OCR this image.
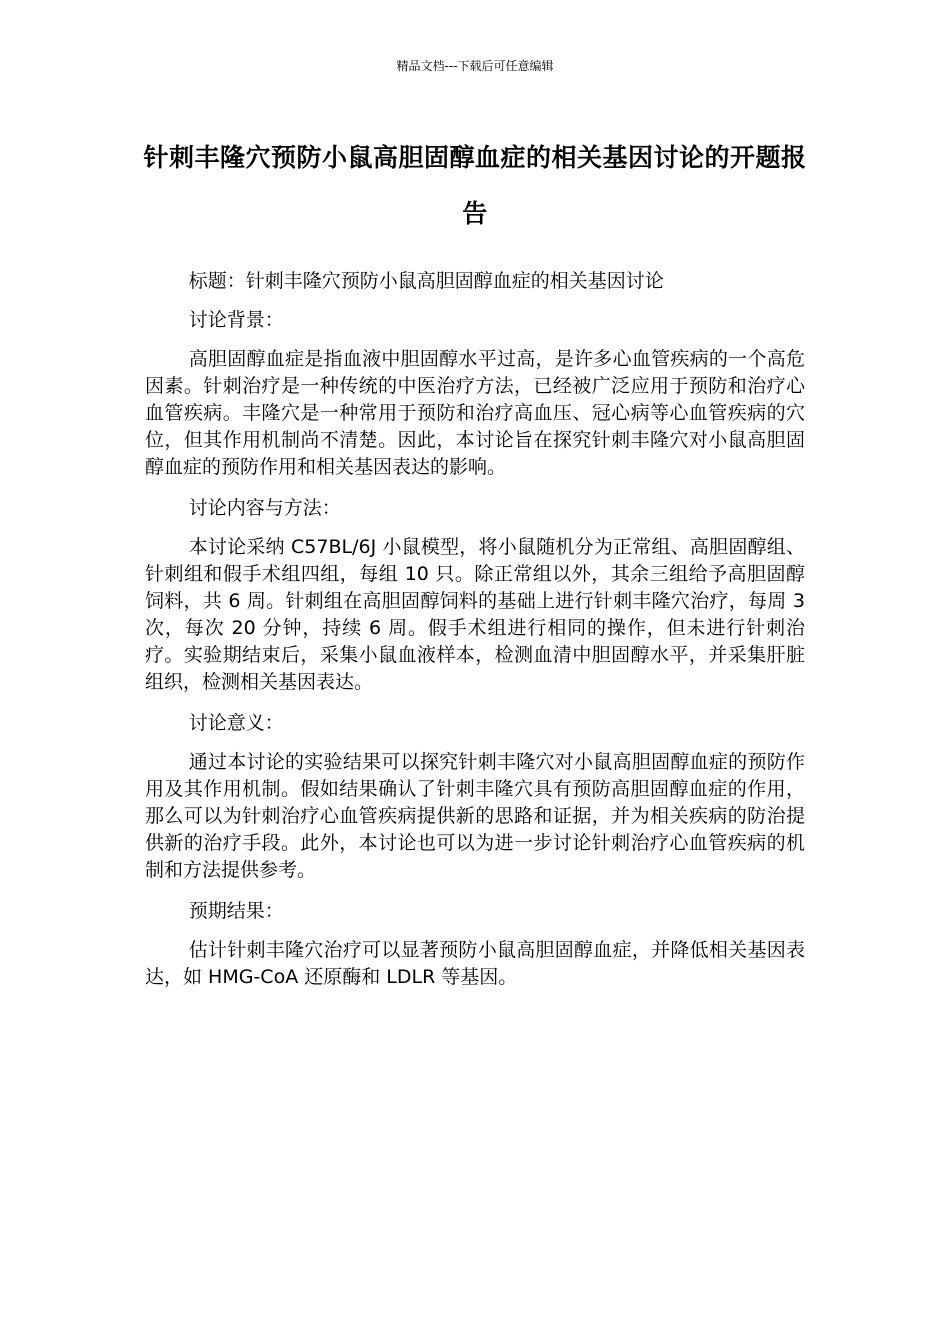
精品文档---下载后可任意编辑
针刺丰隆穴预防小鼠高胆固醇血症的相关基因讨论的开题报告

标题：针刺丰隆穴预防小鼠高胆固醇血症的相关基因讨论

讨论背景：

高胆固醇血症是指血液中胆固醇水平过高，是许多心血管疾病的一个高危因素。针刺治疗是一种传统的中医治疗方法，已经被广泛应用于预防和治疗心血管疾病。丰隆穴是一种常用于预防和治疗高血压、冠心病等心血管疾病的穴位，但其作用机制尚不清楚。因此，本讨论旨在探究针刺丰隆穴对小鼠高胆固醇血症的预防作用和相关基因表达的影响。

讨论内容与方法：

本讨论采纳 C57BL/6J 小鼠模型，将小鼠随机分为正常组、高胆固醇组、针刺组和假手术组四组，每组 10 只。除正常组以外，其余三组给予高胆固醇饲料，共 6 周。针刺组在高胆固醇饲料的基础上进行针刺丰隆穴治疗，每周 3 次，每次 20 分钟，持续 6 周。假手术组进行相同的操作，但未进行针刺治疗。实验期结束后，采集小鼠血液样本，检测血清中胆固醇水平，并采集肝脏组织，检测相关基因表达。

讨论意义：

通过本讨论的实验结果可以探究针刺丰隆穴对小鼠高胆固醇血症的预防作用及其作用机制。假如结果确认了针刺丰隆穴具有预防高胆固醇血症的作用，那么可以为针刺治疗心血管疾病提供新的思路和证据，并为相关疾病的防治提供新的治疗手段。此外，本讨论也可以为进一步讨论针刺治疗心血管疾病的机制和方法提供参考。

预期结果：

估计针刺丰隆穴治疗可以显著预防小鼠高胆固醇血症，并降低相关基因表达，如 HMG-CoA 还原酶和 LDLR 等基因。
